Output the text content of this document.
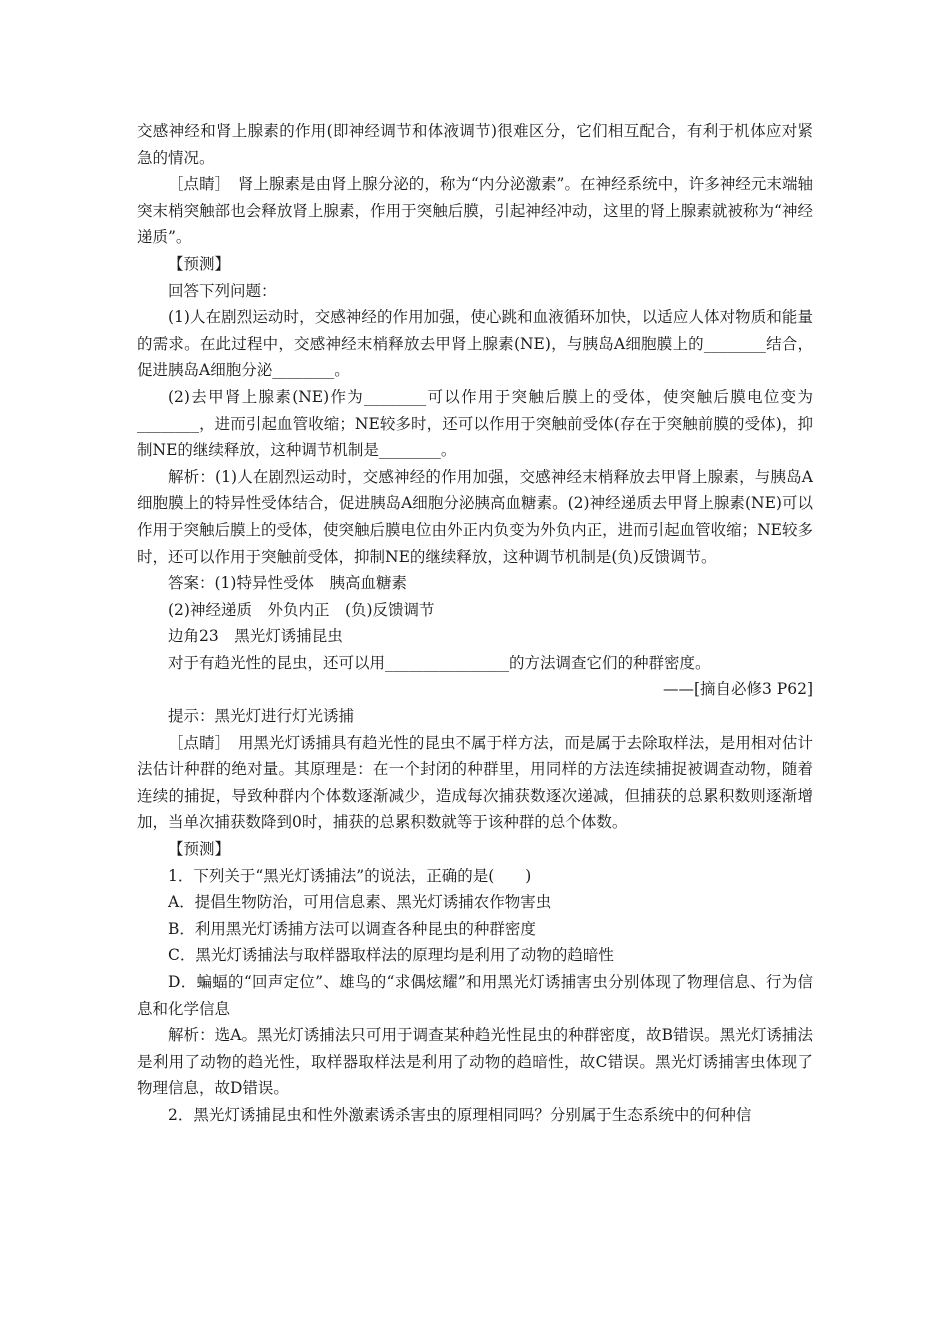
交感神经和肾上腺素的作用(即神经调节和体液调节)很难区分，它们相互配合，有利于机体应对紧急的情况。

［点睛］　肾上腺素是由肾上腺分泌的，称为“内分泌激素”。在神经系统中，许多神经元末端轴突末梢突触部也会释放肾上腺素，作用于突触后膜，引起神经冲动，这里的肾上腺素就被称为“神经递质”。

【预测】

回答下列问题：

(1)人在剧烈运动时，交感神经的作用加强，使心跳和血液循环加快，以适应人体对物质和能量的需求。在此过程中，交感神经末梢释放去甲肾上腺素(NE)，与胰岛A细胞膜上的________结合，促进胰岛A细胞分泌________。

(2)去甲肾上腺素(NE)作为________可以作用于突触后膜上的受体，使突触后膜电位变为________，进而引起血管收缩；NE较多时，还可以作用于突触前受体(存在于突触前膜的受体)，抑制NE的继续释放，这种调节机制是________。

解析：(1)人在剧烈运动时，交感神经的作用加强，交感神经末梢释放去甲肾上腺素，与胰岛A细胞膜上的特异性受体结合，促进胰岛A细胞分泌胰高血糖素。(2)神经递质去甲肾上腺素(NE)可以作用于突触后膜上的受体，使突触后膜电位由外正内负变为外负内正，进而引起血管收缩；NE较多时，还可以作用于突触前受体，抑制NE的继续释放，这种调节机制是(负)反馈调节。

答案：(1)特异性受体　胰高血糖素

(2)神经递质　外负内正　(负)反馈调节

边角23　黑光灯诱捕昆虫

对于有趋光性的昆虫，还可以用________________的方法调查它们的种群密度。

——[摘自必修3 P62]

提示：黑光灯进行灯光诱捕

［点睛］　用黑光灯诱捕具有趋光性的昆虫不属于样方法，而是属于去除取样法，是用相对估计法估计种群的绝对量。其原理是：在一个封闭的种群里，用同样的方法连续捕捉被调查动物，随着连续的捕捉，导致种群内个体数逐渐减少，造成每次捕获数逐次递减，但捕获的总累积数则逐渐增加，当单次捕获数降到0时，捕获的总累积数就等于该种群的总个体数。

【预测】

1．下列关于“黑光灯诱捕法”的说法，正确的是(　　)

A．提倡生物防治，可用信息素、黑光灯诱捕农作物害虫

B．利用黑光灯诱捕方法可以调查各种昆虫的种群密度

C．黑光灯诱捕法与取样器取样法的原理均是利用了动物的趋暗性

D．蝙蝠的“回声定位”、雄鸟的“求偶炫耀”和用黑光灯诱捕害虫分别体现了物理信息、行为信息和化学信息

解析：选A。黑光灯诱捕法只可用于调查某种趋光性昆虫的种群密度，故B错误。黑光灯诱捕法是利用了动物的趋光性，取样器取样法是利用了动物的趋暗性，故C错误。黑光灯诱捕害虫体现了物理信息，故D错误。

2．黑光灯诱捕昆虫和性外激素诱杀害虫的原理相同吗？分别属于生态系统中的何种信
